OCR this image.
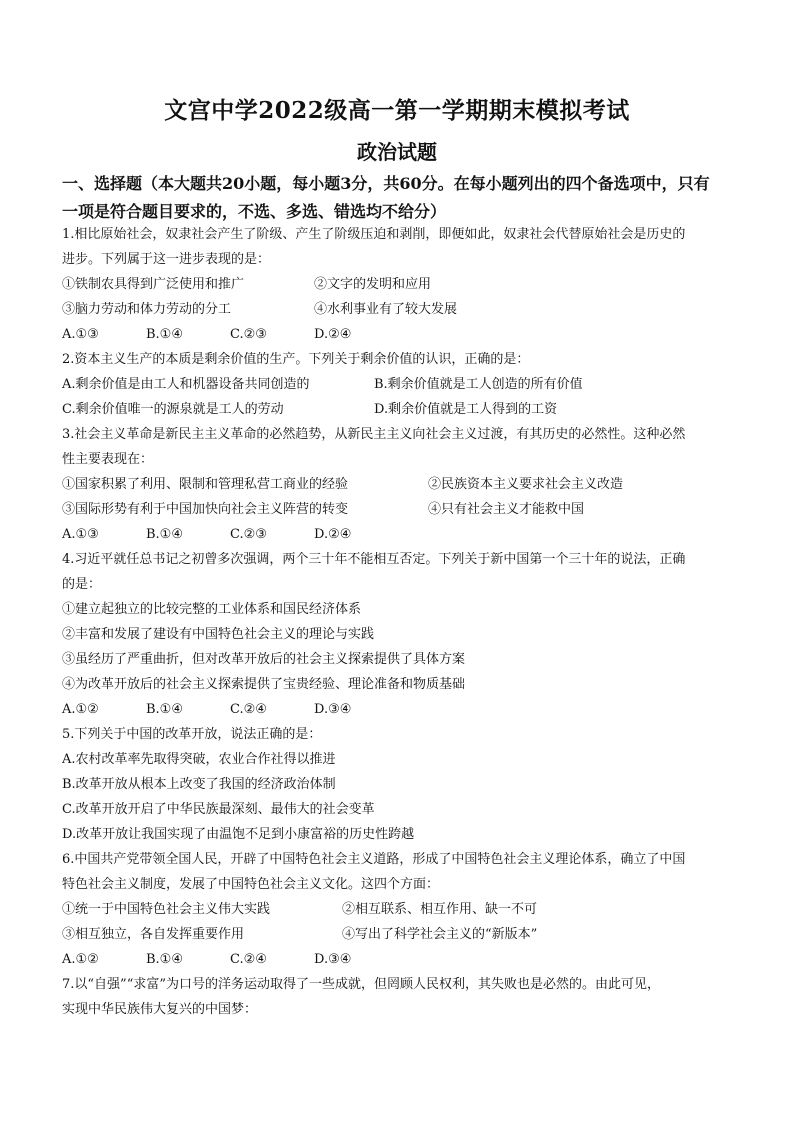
文宫中学2022级高一第一学期期末模拟考试
政治试题
一、选择题（本大题共20小题，每小题3分，共60分。在每小题列出的四个备选项中，只有
一项是符合题目要求的，不选、多选、错选均不给分）
1.相比原始社会，奴隶社会产生了阶级、产生了阶级压迫和剥削，即便如此，奴隶社会代替原始社会是历史的
进步。下列属于这一进步表现的是：
①铁制农具得到广泛使用和推广	②文字的发明和应用
③脑力劳动和体力劳动的分工	④水利事业有了较大发展
A.①③	B.①④	C.②③	D.②④
2.资本主义生产的本质是剩余价值的生产。下列关于剩余价值的认识，正确的是：
A.剩余价值是由工人和机器设备共同创造的	B.剩余价值就是工人创造的所有价值
C.剩余价值唯一的源泉就是工人的劳动	D.剩余价值就是工人得到的工资
3.社会主义革命是新民主主义革命的必然趋势，从新民主主义向社会主义过渡，有其历史的必然性。这种必然
性主要表现在：
①国家积累了利用、限制和管理私营工商业的经验	②民族资本主义要求社会主义改造
③国际形势有利于中国加快向社会主义阵营的转变	④只有社会主义才能救中国
A.①③	B.①④	C.②③	D.②④
4.习近平就任总书记之初曾多次强调，两个三十年不能相互否定。下列关于新中国第一个三十年的说法，正确
的是：
①建立起独立的比较完整的工业体系和国民经济体系
②丰富和发展了建设有中国特色社会主义的理论与实践
③虽经历了严重曲折，但对改革开放后的社会主义探索提供了具体方案
④为改革开放后的社会主义探索提供了宝贵经验、理论准备和物质基础
A.①②	B.①④	C.②④	D.③④
5.下列关于中国的改革开放，说法正确的是：
A.农村改革率先取得突破，农业合作社得以推进
B.改革开放从根本上改变了我国的经济政治体制
C.改革开放开启了中华民族最深刻、最伟大的社会变革
D.改革开放让我国实现了由温饱不足到小康富裕的历史性跨越
6.中国共产党带领全国人民，开辟了中国特色社会主义道路，形成了中国特色社会主义理论体系，确立了中国
特色社会主义制度，发展了中国特色社会主义文化。这四个方面：
①统一于中国特色社会主义伟大实践	②相互联系、相互作用、缺一不可
③相互独立，各自发挥重要作用	④写出了科学社会主义的“新版本”
A.①②	B.①④	C.②④	D.③④
7.以“自强”“求富”为口号的洋务运动取得了一些成就，但罔顾人民权利，其失败也是必然的。由此可见，
实现中华民族伟大复兴的中国梦：
